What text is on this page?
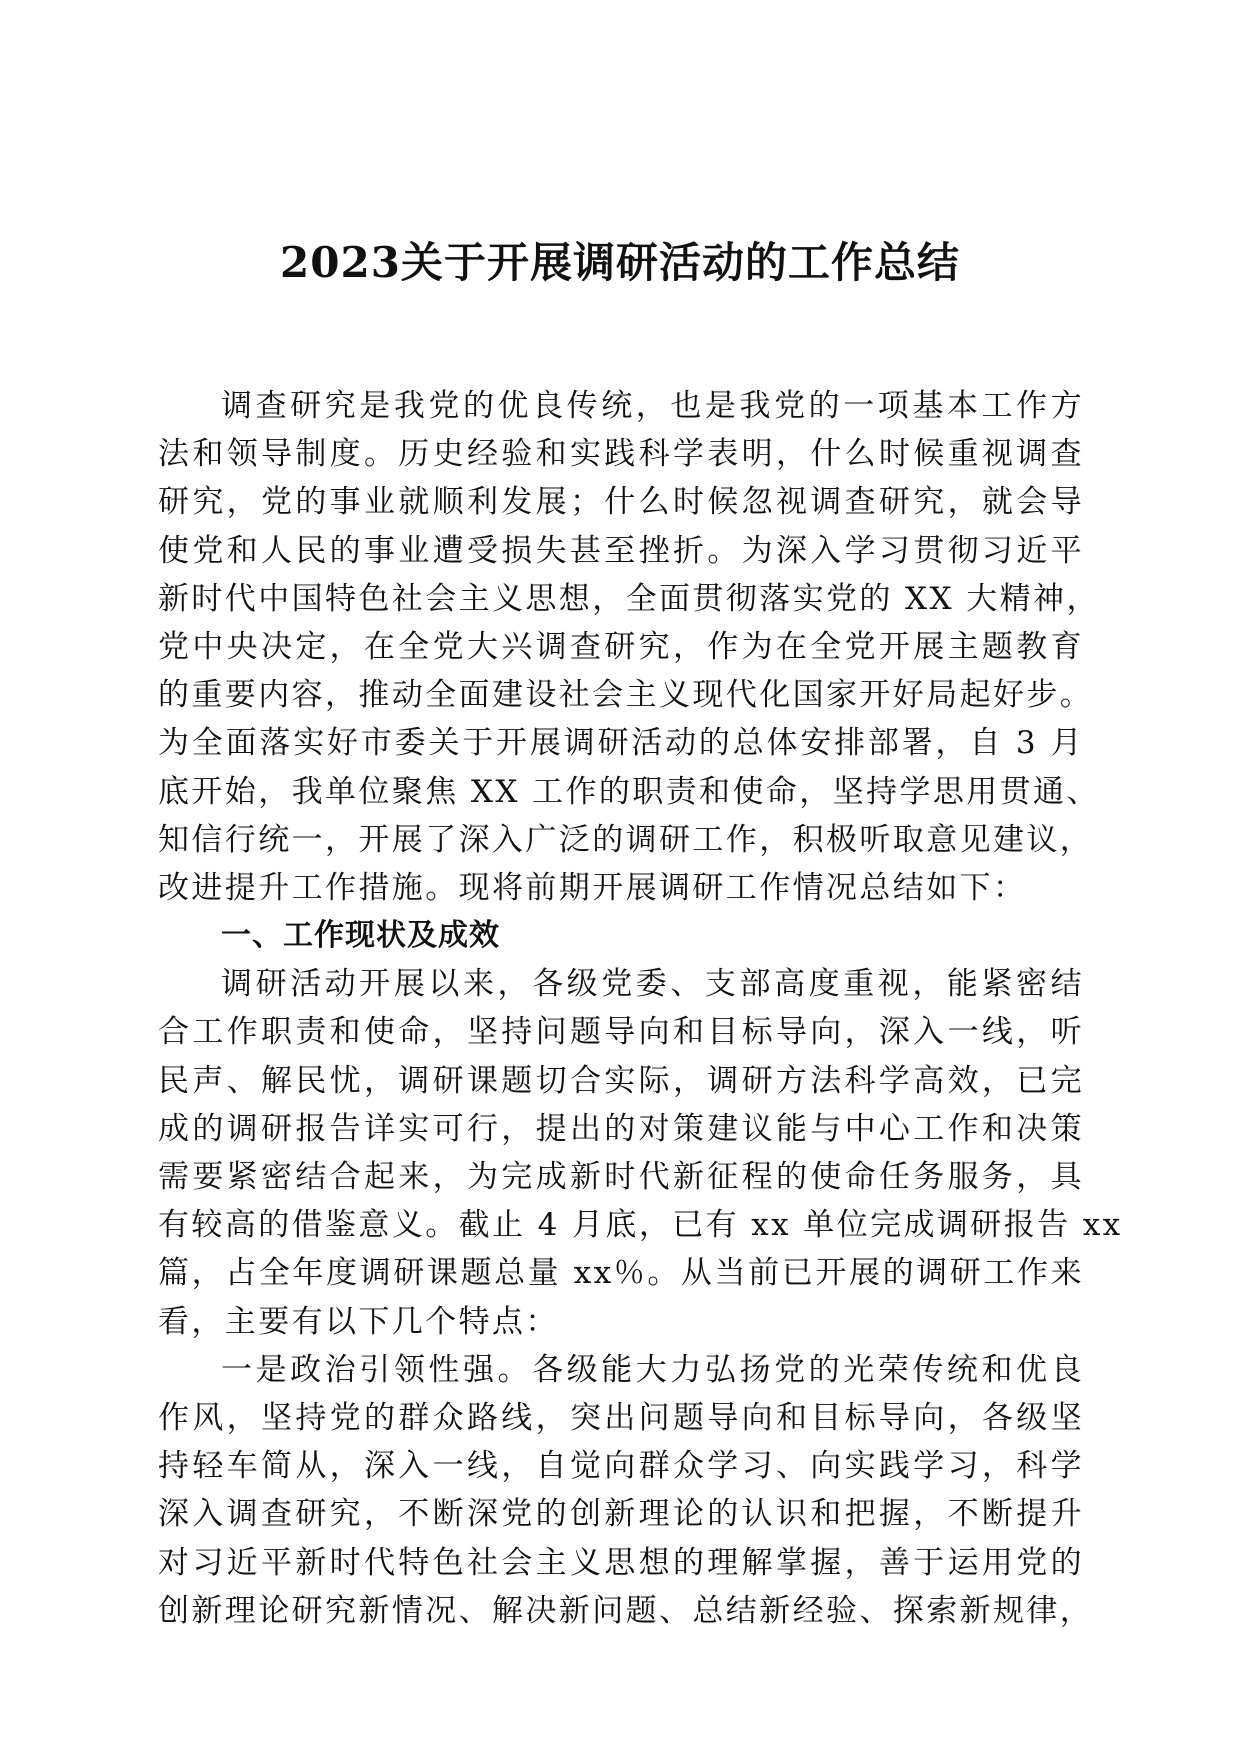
2023关于开展调研活动的工作总结
调查研究是我党的优良传统，也是我党的一项基本工作方
法和领导制度。历史经验和实践科学表明，什么时候重视调查
研究，党的事业就顺利发展；什么时候忽视调查研究，就会导
使党和人民的事业遭受损失甚至挫折。为深入学习贯彻习近平
新时代中国特色社会主义思想，全面贯彻落实党的 XX 大精神，
党中央决定，在全党大兴调查研究，作为在全党开展主题教育
的重要内容，推动全面建设社会主义现代化国家开好局起好步。
为全面落实好市委关于开展调研活动的总体安排部署，自 3 月
底开始，我单位聚焦 XX 工作的职责和使命，坚持学思用贯通、
知信行统一，开展了深入广泛的调研工作，积极听取意见建议，
改进提升工作措施。现将前期开展调研工作情况总结如下：
一、工作现状及成效
调研活动开展以来，各级党委、支部高度重视，能紧密结
合工作职责和使命，坚持问题导向和目标导向，深入一线，听
民声、解民忧，调研课题切合实际，调研方法科学高效，已完
成的调研报告详实可行，提出的对策建议能与中心工作和决策
需要紧密结合起来，为完成新时代新征程的使命任务服务，具
有较高的借鉴意义。截止 4 月底，已有 xx 单位完成调研报告 xx
篇，占全年度调研课题总量 xx％。从当前已开展的调研工作来
看，主要有以下几个特点：
一是政治引领性强。各级能大力弘扬党的光荣传统和优良
作风，坚持党的群众路线，突出问题导向和目标导向，各级坚
持轻车简从，深入一线，自觉向群众学习、向实践学习，科学
深入调查研究，不断深党的创新理论的认识和把握，不断提升
对习近平新时代特色社会主义思想的理解掌握，善于运用党的
创新理论研究新情况、解决新问题、总结新经验、探索新规律，
